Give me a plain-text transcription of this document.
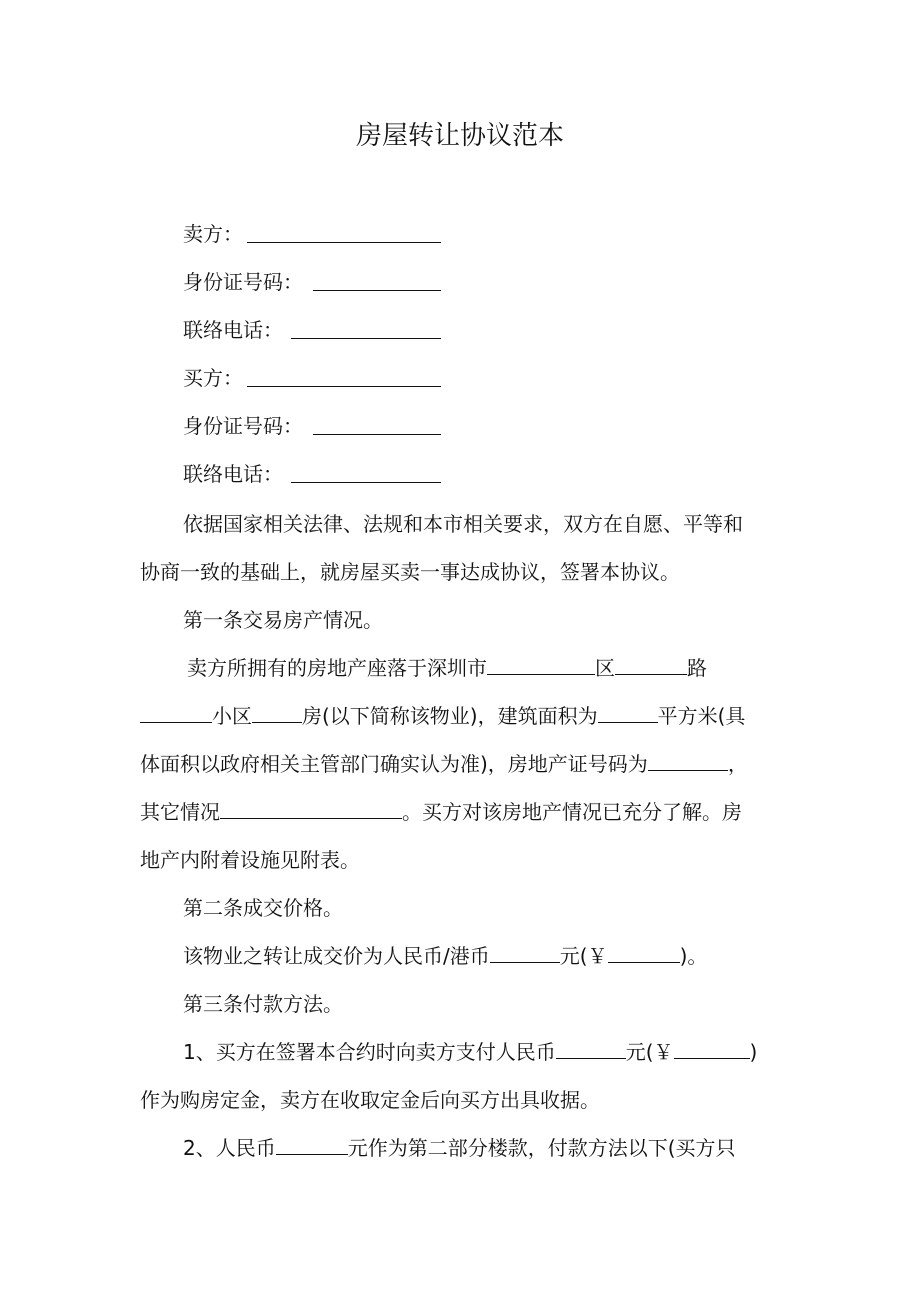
房屋转让协议范本
卖方：
身份证号码：
联络电话：
买方：
身份证号码：
联络电话：
依据国家相关法律、法规和本市相关要求，双方在自愿、平等和
协商一致的基础上，就房屋买卖一事达成协议，签署本协议。
第一条交易房产情况。
卖方所拥有的房地产座落于深圳市	区	路
小区	房(以下简称该物业)，建筑面积为	平方米(具
体面积以政府相关主管部门确实认为准)，房地产证号码为	，
其它情况	。买方对该房地产情况已充分了解。房
地产内附着设施见附表。
第二条成交价格。
该物业之转让成交价为人民币/港币	元(￥	)。
第三条付款方法。
1、买方在签署本合约时向卖方支付人民币	元(￥	)
作为购房定金，卖方在收取定金后向买方出具收据。
2、人民币	元作为第二部分楼款，付款方法以下(买方只
